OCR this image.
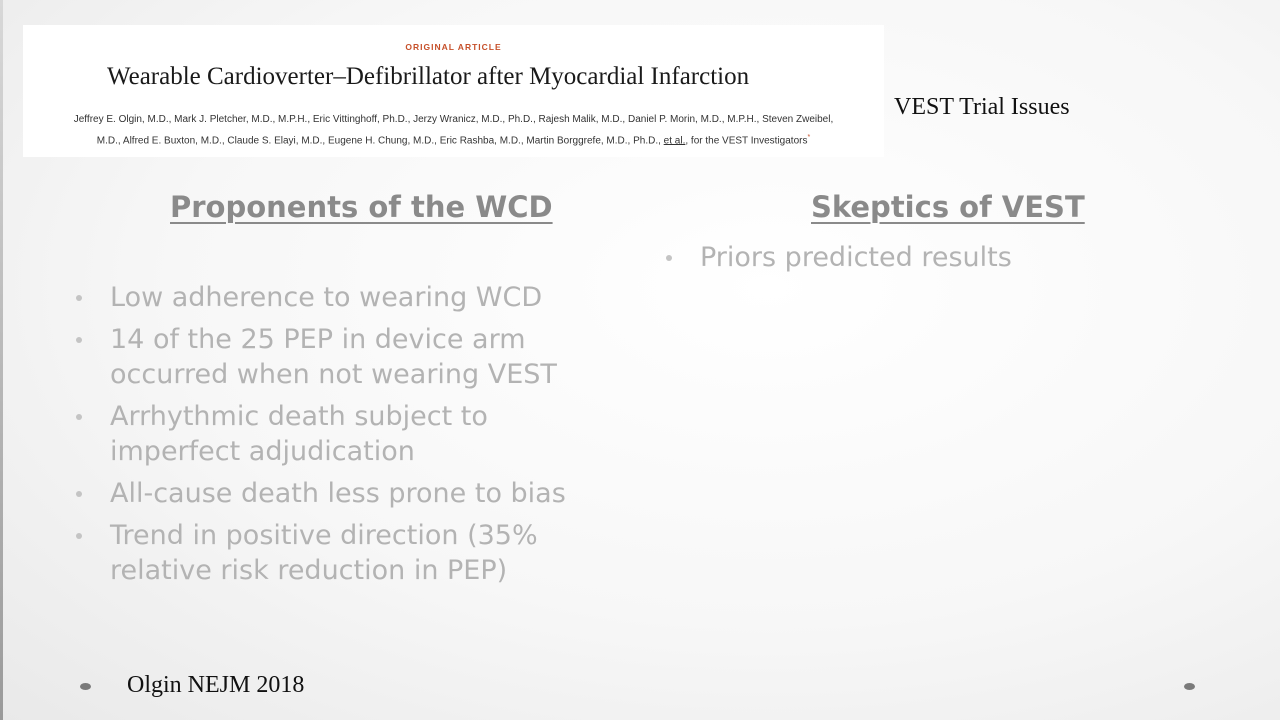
ORIGINAL ARTICLE
Wearable Cardioverter–Defibrillator after Myocardial Infarction
Jeffrey E. Olgin, M.D., Mark J. Pletcher, M.D., M.P.H., Eric Vittinghoff, Ph.D., Jerzy Wranicz, M.D., Ph.D., Rajesh Malik, M.D., Daniel P. Morin, M.D., M.P.H., Steven Zweibel,
M.D., Alfred E. Buxton, M.D., Claude S. Elayi, M.D., Eugene H. Chung, M.D., Eric Rashba, M.D., Martin Borggrefe, M.D., Ph.D., et al., for the VEST Investigators*
VEST Trial Issues
Proponents of the WCD	Skeptics of VEST
Low adherence to wearing WCD
14 of the 25 PEP in device arm occurred when not wearing VEST
Arrhythmic death subject to imperfect adjudication
All-cause death less prone to bias
Trend in positive direction (35% relative risk reduction in PEP)
Priors predicted results
Olgin NEJM 2018
